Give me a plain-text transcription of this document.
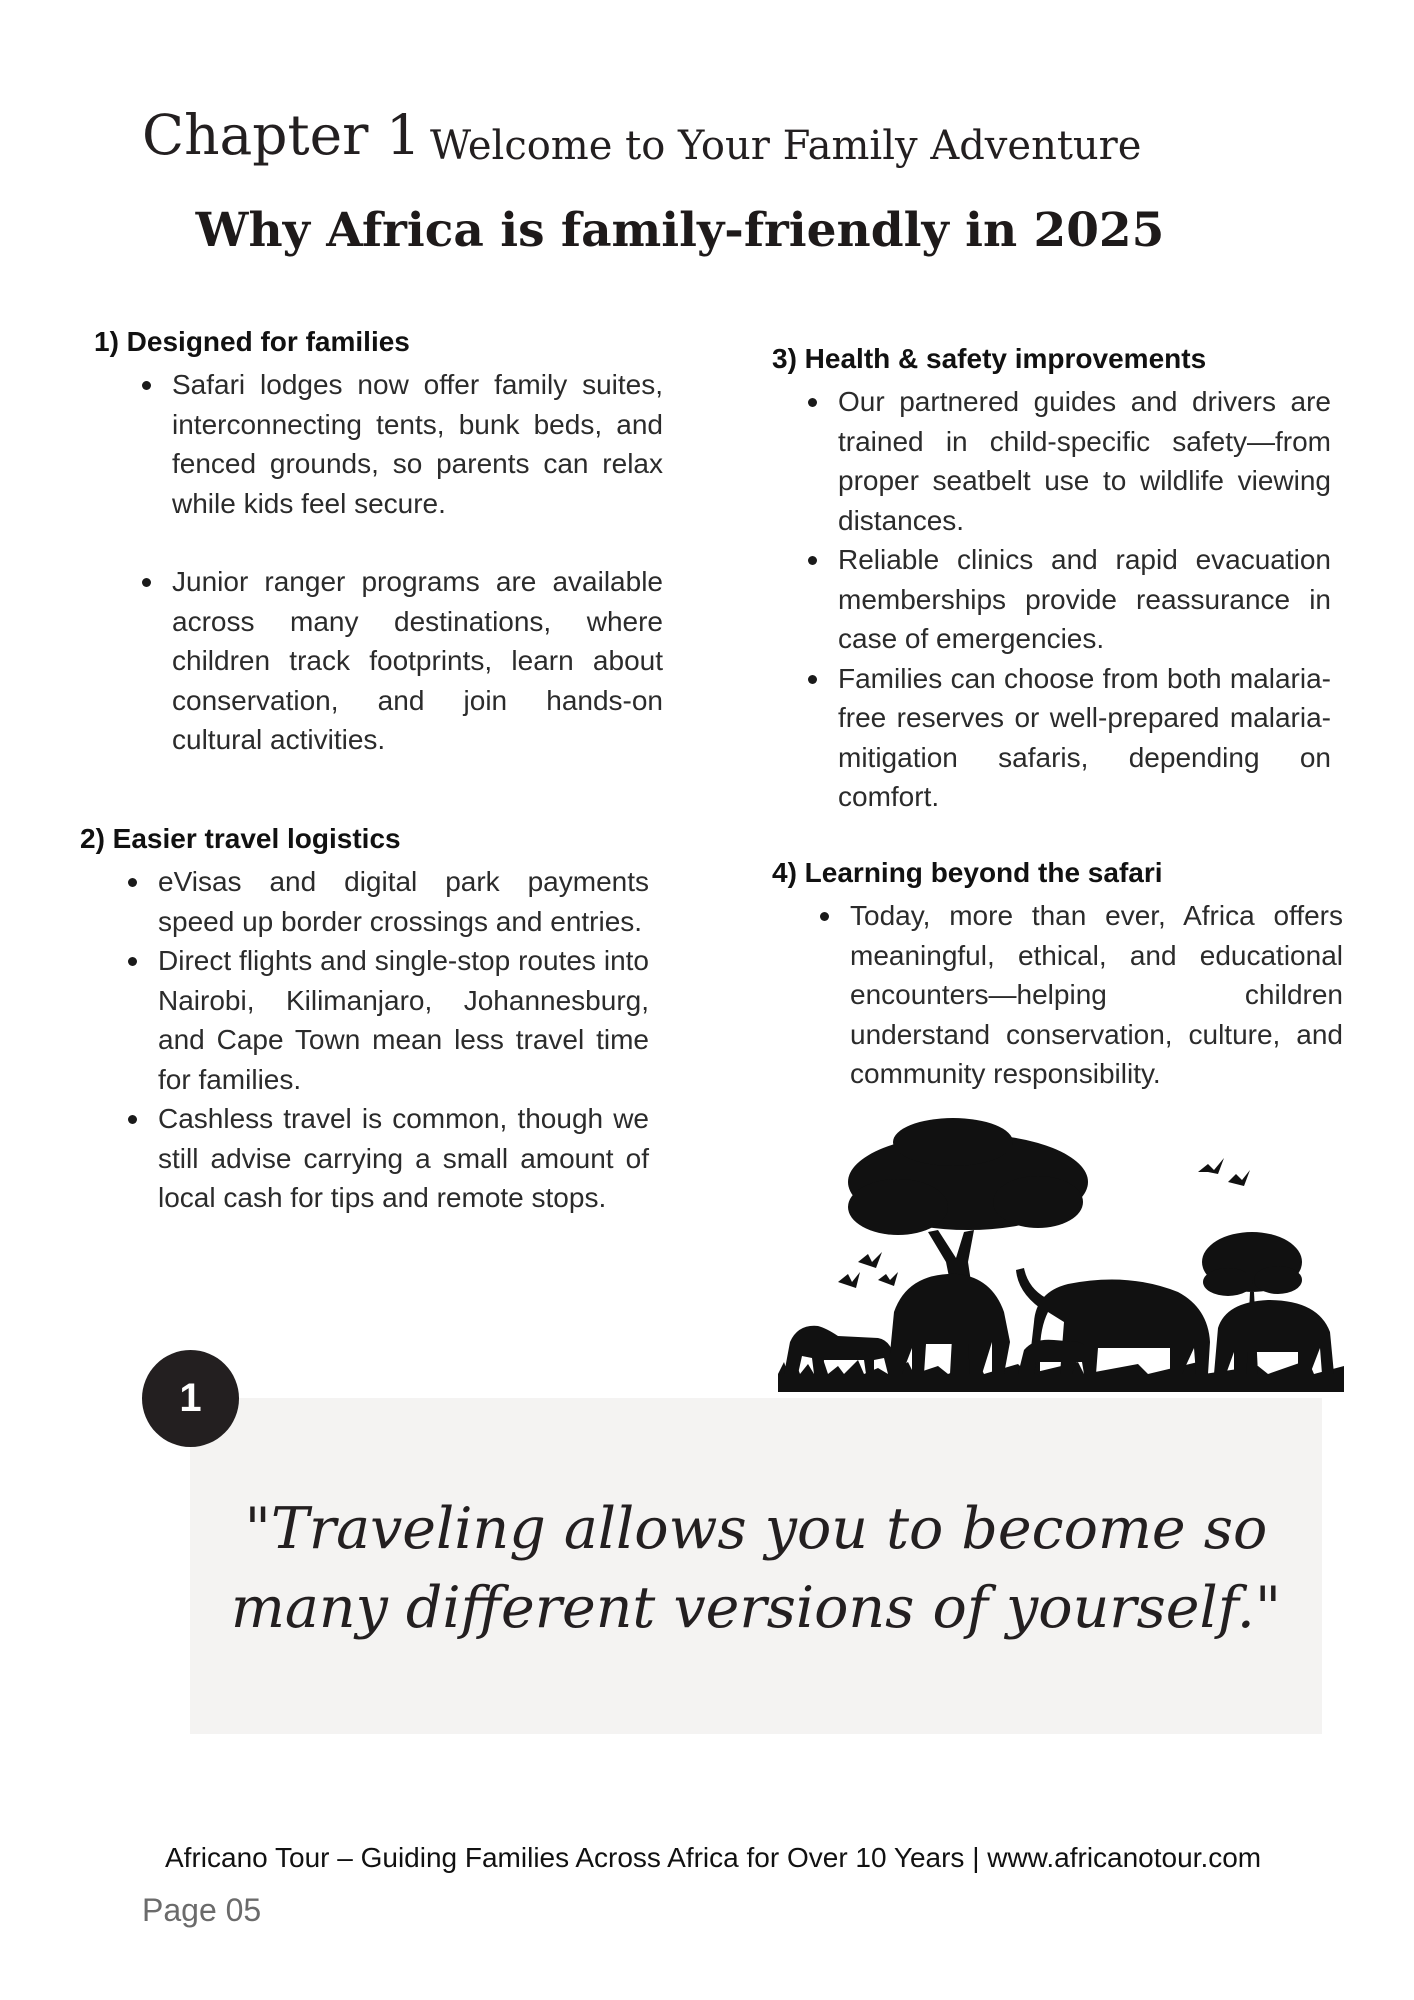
Chapter 1 Welcome to Your Family Adventure
Why Africa is family-friendly in 2025
1) Designed for families
Safari lodges now offer family suites, interconnecting tents, bunk beds, and fenced grounds, so parents can relax while kids feel secure.
Junior ranger programs are available across many destinations, where children track footprints, learn about conservation, and join hands-on cultural activities.
2) Easier travel logistics
eVisas and digital park payments speed up border crossings and entries.
Direct flights and single-stop routes into Nairobi, Kilimanjaro, Johannesburg, and Cape Town mean less travel time for families.
Cashless travel is common, though we still advise carrying a small amount of local cash for tips and remote stops.
3) Health & safety improvements
Our partnered guides and drivers are trained in child-specific safety—from proper seatbelt use to wildlife viewing distances.
Reliable clinics and rapid evacuation memberships provide reassurance in case of emergencies.
Families can choose from both malaria-free reserves or well-prepared malaria-mitigation safaris, depending on comfort.
4) Learning beyond the safari
Today, more than ever, Africa offers meaningful, ethical, and educational encounters—helping children understand conservation, culture, and community responsibility.
"Traveling allows you to become so
many different versions of yourself."
1
Africano Tour – Guiding Families Across Africa for Over 10 Years | www.africanotour.com
Page 05
